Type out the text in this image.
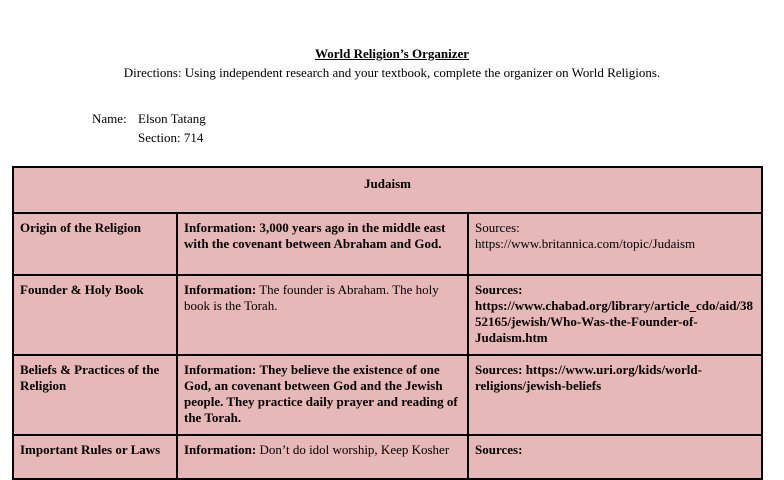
World Religion’s Organizer
Directions: Using independent research and your textbook, complete the organizer on World Religions.
Name: Elson Tatang
Section: 714
Judaism		
Origin of the Religion	Information: 3,000 years ago in the middle east with the covenant between Abraham and God.	Sources:
https://www.britannica.com/topic/Judaism
Founder & Holy Book	Information: The founder is Abraham. The holy book is the Torah.	Sources:
https://www.chabad.org/library/article_cdo/aid/3852165/jewish/Who-Was-the-Founder-of-Judaism.htm
Beliefs & Practices of the Religion	Information: They believe the existence of one God, an covenant between God and the Jewish people. They practice daily prayer and reading of the Torah.	Sources: https://www.uri.org/kids/world-religions/jewish-beliefs
Important Rules or Laws	Information: Don’t do idol worship, Keep Kosher	Sources:
